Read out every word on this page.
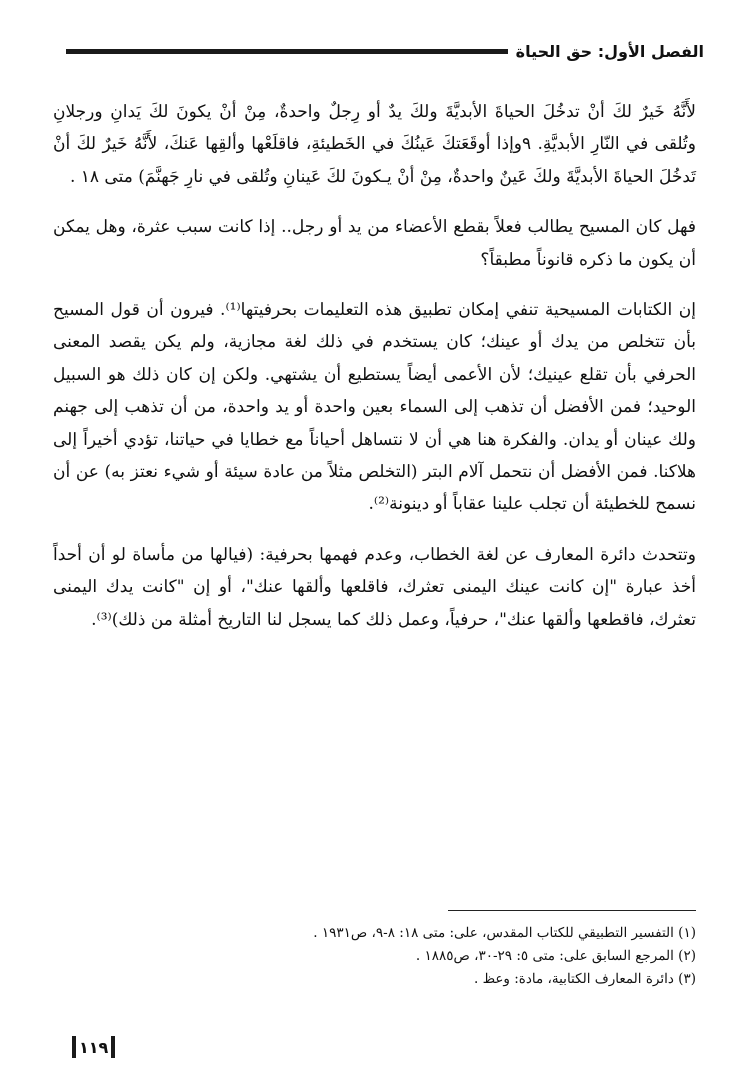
الفصل الأول: حق الحياة

لأَنَّهُ خَيرٌ لكَ أنْ تدخُلَ الحياةَ الأبديَّةَ ولكَ يدٌ أو رِجلٌ واحدةٌ، مِنْ أنْ يكونَ لكَ يَدانِ ورجلانِ وتُلقى في النّارِ الأبديَّةِ. ٩وإذا أوقَعَتكَ عَينُكَ في الخَطيئةِ، فاقلَعْها وألقِها عَنكَ، لأَنَّهُ خَيرٌ لكَ أنْ تَدخُلَ الحياةَ الأبديَّةَ ولكَ عَينٌ واحدةٌ، مِنْ أنْ يـكونَ لكَ عَينانِ وتُلقى في نارِ جَهنَّمَ) متى ١٨ .

فهل كان المسيح يطالب فعلاً بقطع الأعضاء من يد أو رجل.. إذا كانت سبب عثرة، وهل يمكن أن يكون ما ذكره قانوناً مطبقاً؟

إن الكتابات المسيحية تنفي إمكان تطبيق هذه التعليمات بحرفيتها⁽¹⁾. فيرون أن قول المسيح بأن تتخلص من يدك أو عينك؛ كان يستخدم في ذلك لغة مجازية، ولم يكن يقصد المعنى الحرفي بأن تقلع عينيك؛ لأن الأعمى أيضاً يستطيع أن يشتهي. ولكن إن كان ذلك هو السبيل الوحيد؛ فمن الأفضل أن تذهب إلى السماء بعين واحدة أو يد واحدة، من أن تذهب إلى جهنم ولك عينان أو يدان. والفكرة هنا هي أن لا نتساهل أحياناً مع خطايا في حياتنا، تؤدي أخيراً إلى هلاكنا. فمن الأفضل أن نتحمل آلام البتر (التخلص مثلاً من عادة سيئة أو شيء نعتز به) عن أن نسمح للخطيئة أن تجلب علينا عقاباً أو دينونة⁽²⁾.

وتتحدث دائرة المعارف عن لغة الخطاب، وعدم فهمها بحرفية: (فيالها من مأساة لو أن أحداً أخذ عبارة "إن كانت عينك اليمنى تعثرك، فاقلعها وألقها عنك"، أو إن "كانت يدك اليمنى تعثرك، فاقطعها وألقها عنك"، حرفياً، وعمل ذلك كما يسجل لنا التاريخ أمثلة من ذلك)⁽³⁾.

(١) التفسير التطبيقي للكتاب المقدس، على: متى ١٨: ٨-٩، ص١٩٣١ .

(٢) المرجع السابق على: متى ٥: ٢٩-٣٠، ص١٨٨٥ .

(٣) دائرة المعارف الكتابية، مادة: وعظ .

١١٩
